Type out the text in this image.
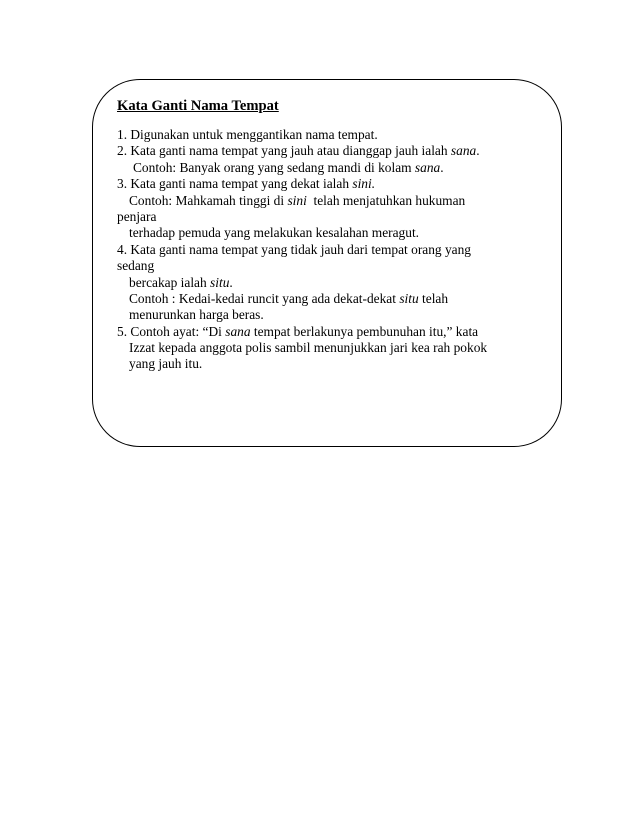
Kata Ganti Nama Tempat
1. Digunakan untuk menggantikan nama tempat.
2. Kata ganti nama tempat yang jauh atau dianggap jauh ialah sana.
Contoh: Banyak orang yang sedang mandi di kolam sana.
3. Kata ganti nama tempat yang dekat ialah sini.
Contoh: Mahkamah tinggi di sini  telah menjatuhkan hukuman
penjara
terhadap pemuda yang melakukan kesalahan meragut.
4. Kata ganti nama tempat yang tidak jauh dari tempat orang yang
sedang
bercakap ialah situ.
Contoh : Kedai-kedai runcit yang ada dekat-dekat situ telah
menurunkan harga beras.
5. Contoh ayat: “Di sana tempat berlakunya pembunuhan itu,” kata
Izzat kepada anggota polis sambil menunjukkan jari kea rah pokok
yang jauh itu.
